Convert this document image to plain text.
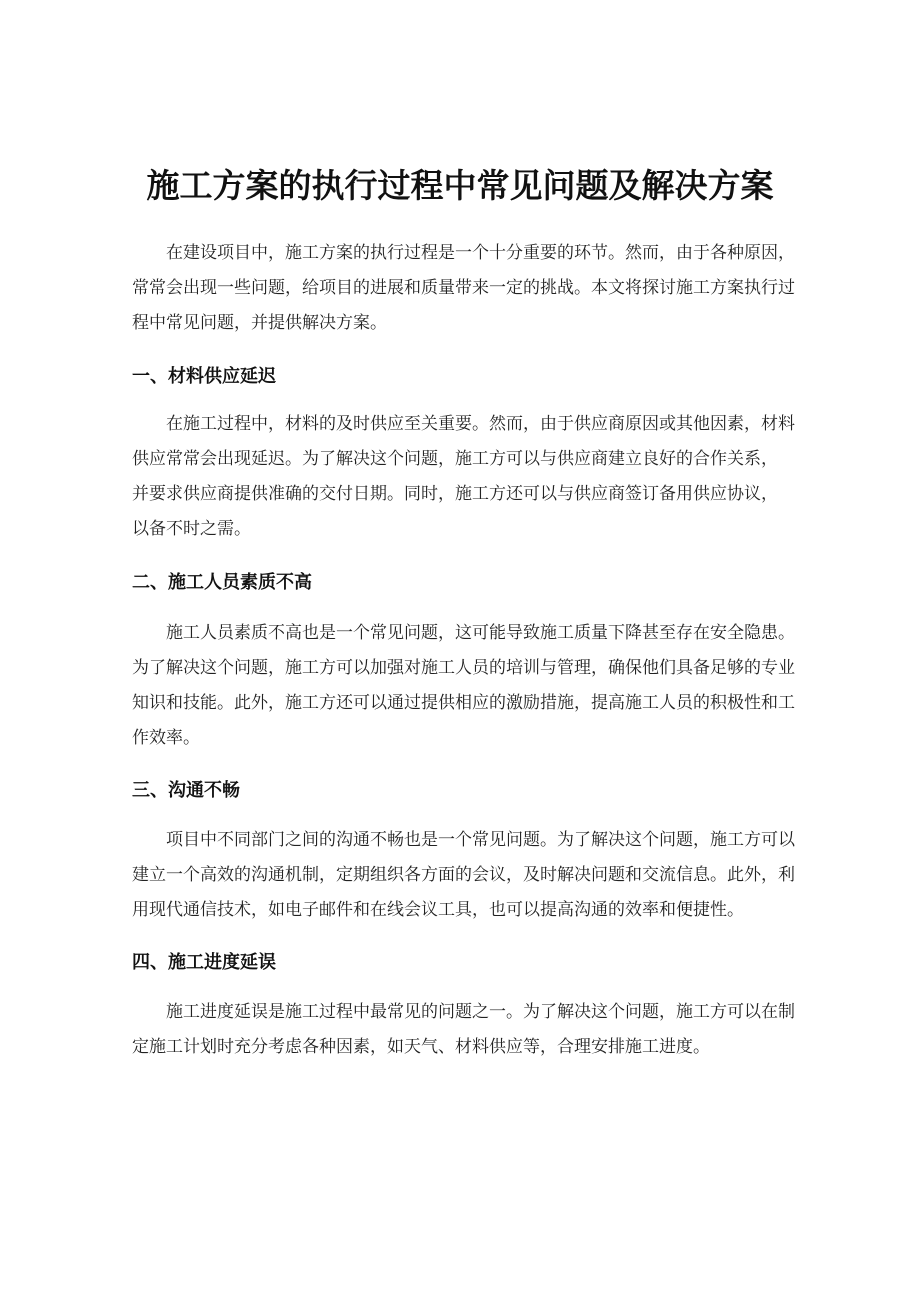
施工方案的执行过程中常见问题及解决方案
在建设项目中，施工方案的执行过程是一个十分重要的环节。然而，由于各种原因，
常常会出现一些问题，给项目的进展和质量带来一定的挑战。本文将探讨施工方案执行过
程中常见问题，并提供解决方案。
一、材料供应延迟
在施工过程中，材料的及时供应至关重要。然而，由于供应商原因或其他因素，材料
供应常常会出现延迟。为了解决这个问题，施工方可以与供应商建立良好的合作关系，
并要求供应商提供准确的交付日期。同时，施工方还可以与供应商签订备用供应协议，
以备不时之需。
二、施工人员素质不高
施工人员素质不高也是一个常见问题，这可能导致施工质量下降甚至存在安全隐患。
为了解决这个问题，施工方可以加强对施工人员的培训与管理，确保他们具备足够的专业
知识和技能。此外，施工方还可以通过提供相应的激励措施，提高施工人员的积极性和工
作效率。
三、沟通不畅
项目中不同部门之间的沟通不畅也是一个常见问题。为了解决这个问题，施工方可以
建立一个高效的沟通机制，定期组织各方面的会议，及时解决问题和交流信息。此外，利
用现代通信技术，如电子邮件和在线会议工具，也可以提高沟通的效率和便捷性。
四、施工进度延误
施工进度延误是施工过程中最常见的问题之一。为了解决这个问题，施工方可以在制
定施工计划时充分考虑各种因素，如天气、材料供应等，合理安排施工进度。
